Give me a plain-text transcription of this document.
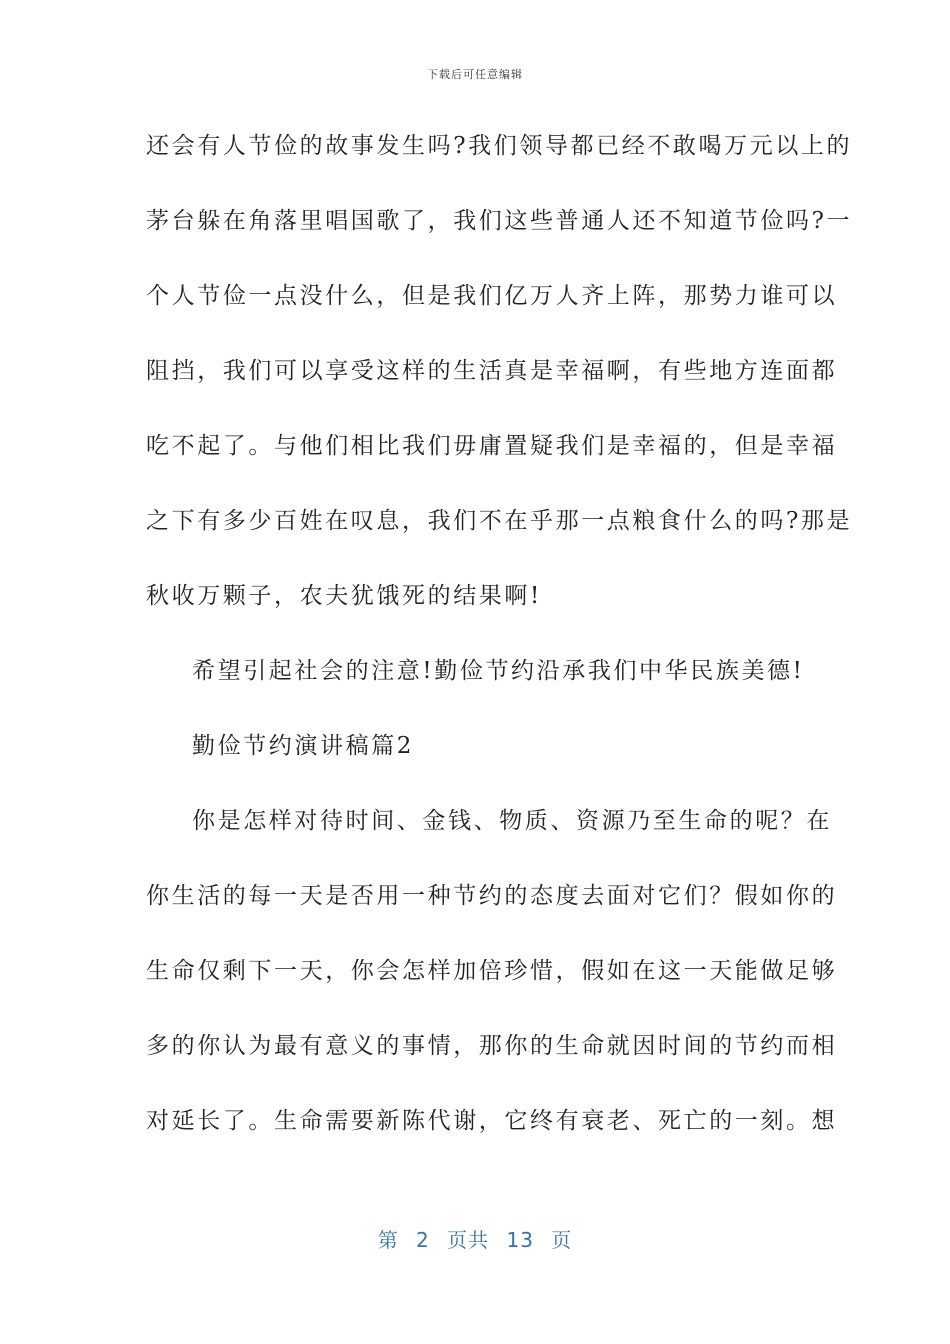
下载后可任意编辑
还会有人节俭的故事发生吗?我们领导都已经不敢喝万元以上的
茅台躲在角落里唱国歌了，我们这些普通人还不知道节俭吗?一
个人节俭一点没什么，但是我们亿万人齐上阵，那势力谁可以
阻挡，我们可以享受这样的生活真是幸福啊，有些地方连面都
吃不起了。与他们相比我们毋庸置疑我们是幸福的，但是幸福
之下有多少百姓在叹息，我们不在乎那一点粮食什么的吗?那是
秋收万颗子，农夫犹饿死的结果啊!
希望引起社会的注意!勤俭节约沿承我们中华民族美德!
勤俭节约演讲稿篇2
你是怎样对待时间、金钱、物质、资源乃至生命的呢？在
你生活的每一天是否用一种节约的态度去面对它们？假如你的
生命仅剩下一天，你会怎样加倍珍惜，假如在这一天能做足够
多的你认为最有意义的事情，那你的生命就因时间的节约而相
对延长了。生命需要新陈代谢，它终有衰老、死亡的一刻。想
第 2 页共 13 页
